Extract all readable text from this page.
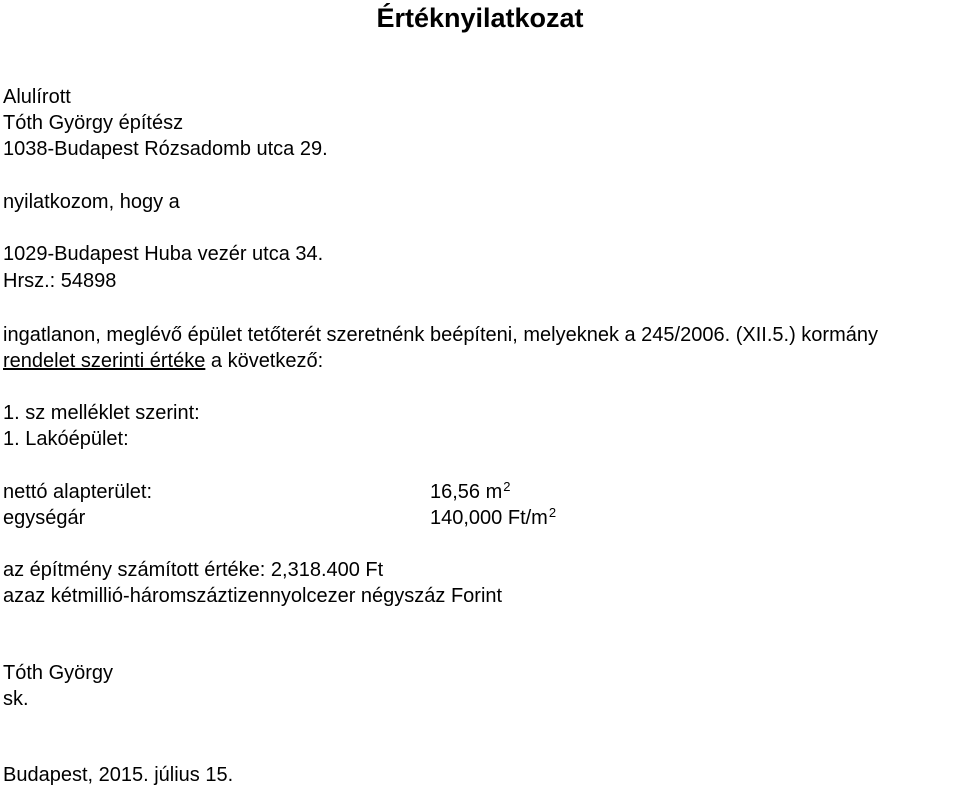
Értéknyilatkozat
Alulírott
Tóth György építész
1038-Budapest Rózsadomb utca 29.
nyilatkozom, hogy a
1029-Budapest Huba vezér utca 34.
Hrsz.: 54898
ingatlanon, meglévő épület tetőterét szeretnénk beépíteni, melyeknek a 245/2006. (XII.5.) kormány
rendelet szerinti értéke a következő:
1. sz melléklet szerint:
1. Lakóépület:
nettó alapterület:	16,56 $m^2$
egységár	140,000 $Ft/m^2$
az építmény számított értéke: 2,318.400 Ft
azaz kétmillió-háromszáztizennyolcezer négyszáz Forint
Tóth György
sk.
Budapest, 2015. július 15.
